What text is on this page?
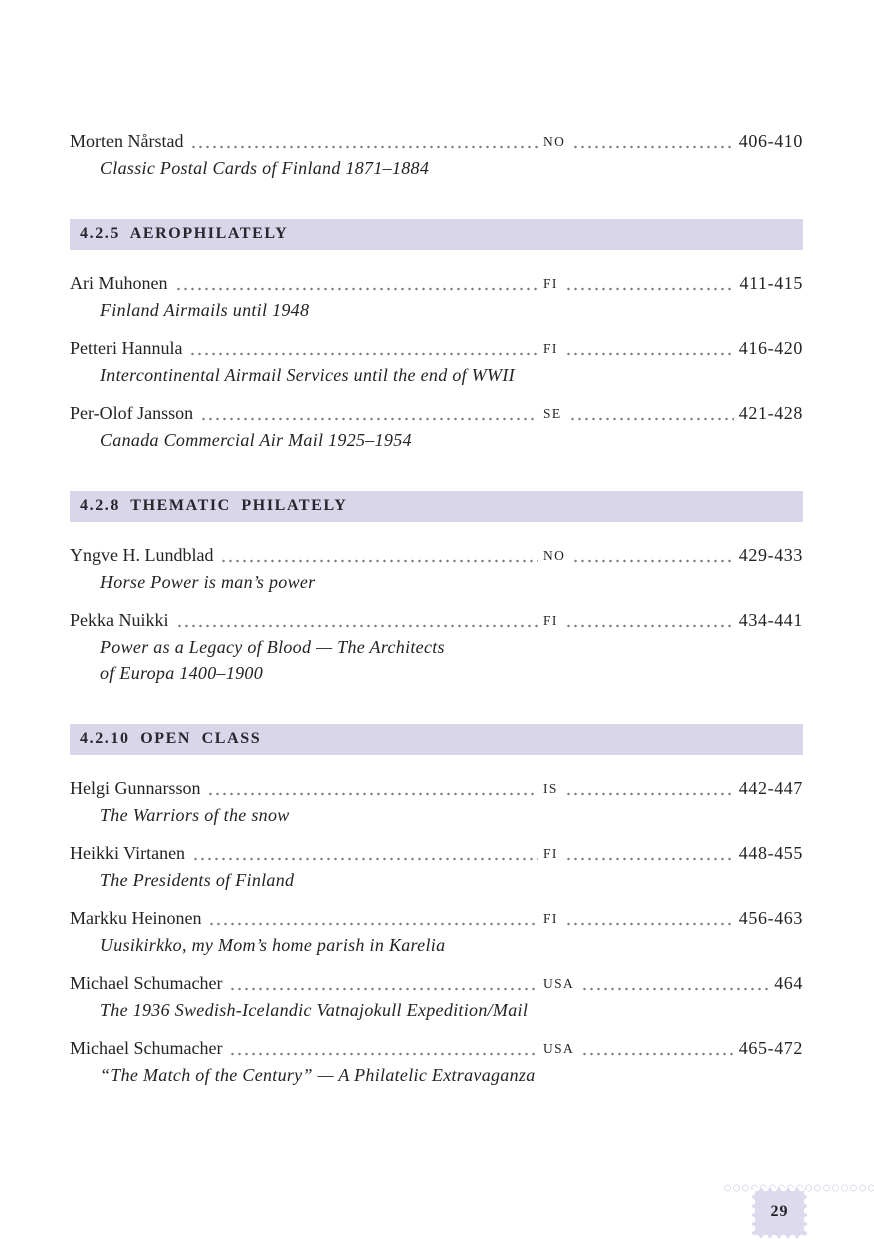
Morten Nårstad	NO	406-410
Classic Postal Cards of Finland 1871–1884
4.2.5 AEROPHILATELY
Ari Muhonen	FI	411-415
Finland Airmails until 1948
Petteri Hannula	FI	416-420
Intercontinental Airmail Services until the end of WWII
Per-Olof Jansson	SE	421-428
Canada Commercial Air Mail 1925–1954
4.2.8 THEMATIC PHILATELY
Yngve H. Lundblad	NO	429-433
Horse Power is man’s power
Pekka Nuikki	FI	434-441
Power as a Legacy of Blood — The Architects
of Europa 1400–1900
4.2.10 OPEN CLASS
Helgi Gunnarsson	IS	442-447
The Warriors of the snow
Heikki Virtanen	FI	448-455
The Presidents of Finland
Markku Heinonen	FI	456-463
Uusikirkko, my Mom’s home parish in Karelia
Michael Schumacher	USA	464
The 1936 Swedish-Icelandic Vatnajokull Expedition/Mail
Michael Schumacher	USA	465-472
“The Match of the Century” — A Philatelic Extravaganza
29
